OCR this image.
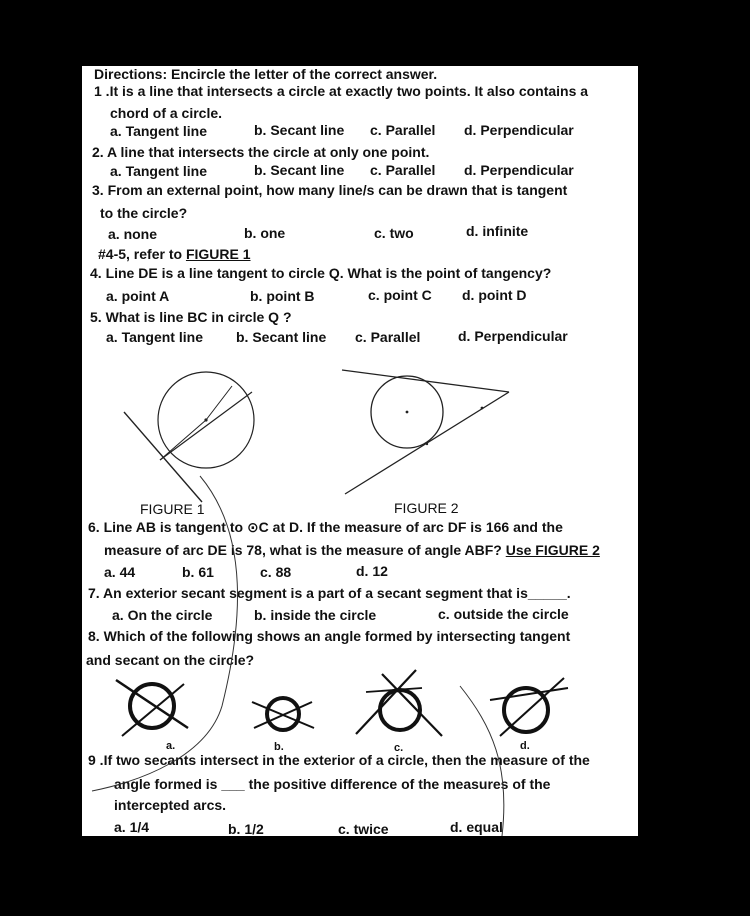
Directions: Encircle the letter of the correct answer.
1 .It is a line that intersects a circle at exactly two points. It also contains a
chord of a circle.
a. Tangent line	b. Secant line c. Parallel d. Perpendicular
2. A line that intersects the circle at only one point.
a. Tangent line	b. Secant line c. Parallel d. Perpendicular
3. From an external point, how many line/s can be drawn that is tangent
to the circle?
a. none	b. one	c. two	d. infinite
#4-5, refer to FIGURE 1
4. Line DE is a line tangent to circle Q. What is the point of tangency?
a. point A	b. point B	c. point C d. point D
5. What is line BC in circle Q ?
a. Tangent line b. Secant line c. Parallel	d. Perpendicular
FIGURE 1	FIGURE 2
6. Line AB is tangent to ⊙C at D. If the measure of arc DF is 166 and the
measure of arc DE is 78, what is the measure of angle ABF? Use FIGURE 2
a. 44	b. 61	c. 88	d. 12
7. An exterior secant segment is a part of a secant segment that is_____.
a. On the circle	b. inside the circle	c. outside the circle
8. Which of the following shows an angle formed by intersecting tangent
and secant on the circle?
a.	b.	c.	d.
9 .If two secants intersect in the exterior of a circle, then the measure of the
angle formed is ___ the positive difference of the measures of the
intercepted arcs.
a. 1/4	b. 1/2	c. twice	d. equal
